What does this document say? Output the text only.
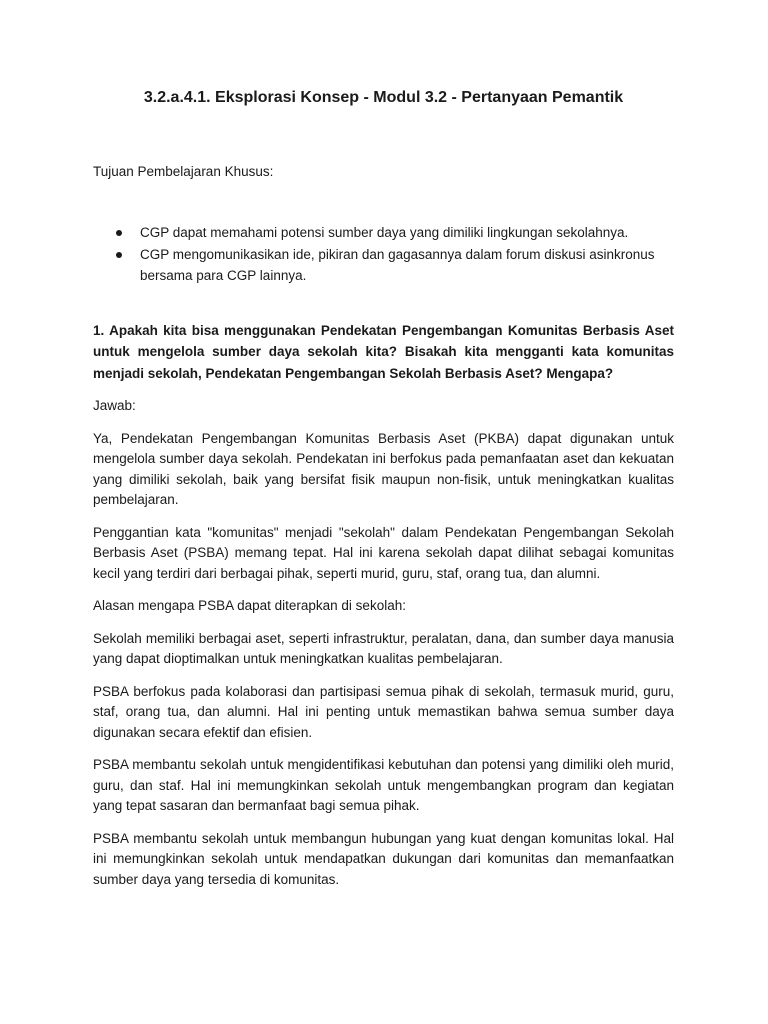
3.2.a.4.1. Eksplorasi Konsep - Modul 3.2 - Pertanyaan Pemantik

Tujuan Pembelajaran Khusus:

CGP dapat memahami potensi sumber daya yang dimiliki lingkungan sekolahnya.
CGP mengomunikasikan ide, pikiran dan gagasannya dalam forum diskusi asinkronus bersama para CGP lainnya.

1. Apakah kita bisa menggunakan Pendekatan Pengembangan Komunitas Berbasis Aset untuk mengelola sumber daya sekolah kita? Bisakah kita mengganti kata komunitas menjadi sekolah, Pendekatan Pengembangan Sekolah Berbasis Aset? Mengapa?

Jawab:

Ya, Pendekatan Pengembangan Komunitas Berbasis Aset (PKBA) dapat digunakan untuk mengelola sumber daya sekolah. Pendekatan ini berfokus pada pemanfaatan aset dan kekuatan yang dimiliki sekolah, baik yang bersifat fisik maupun non-fisik, untuk meningkatkan kualitas pembelajaran.

Penggantian kata "komunitas" menjadi "sekolah" dalam Pendekatan Pengembangan Sekolah Berbasis Aset (PSBA) memang tepat. Hal ini karena sekolah dapat dilihat sebagai komunitas kecil yang terdiri dari berbagai pihak, seperti murid, guru, staf, orang tua, dan alumni.

Alasan mengapa PSBA dapat diterapkan di sekolah:

Sekolah memiliki berbagai aset, seperti infrastruktur, peralatan, dana, dan sumber daya manusia yang dapat dioptimalkan untuk meningkatkan kualitas pembelajaran.

PSBA berfokus pada kolaborasi dan partisipasi semua pihak di sekolah, termasuk murid, guru, staf, orang tua, dan alumni. Hal ini penting untuk memastikan bahwa semua sumber daya digunakan secara efektif dan efisien.

PSBA membantu sekolah untuk mengidentifikasi kebutuhan dan potensi yang dimiliki oleh murid, guru, dan staf. Hal ini memungkinkan sekolah untuk mengembangkan program dan kegiatan yang tepat sasaran dan bermanfaat bagi semua pihak.

PSBA membantu sekolah untuk membangun hubungan yang kuat dengan komunitas lokal. Hal ini memungkinkan sekolah untuk mendapatkan dukungan dari komunitas dan memanfaatkan sumber daya yang tersedia di komunitas.
